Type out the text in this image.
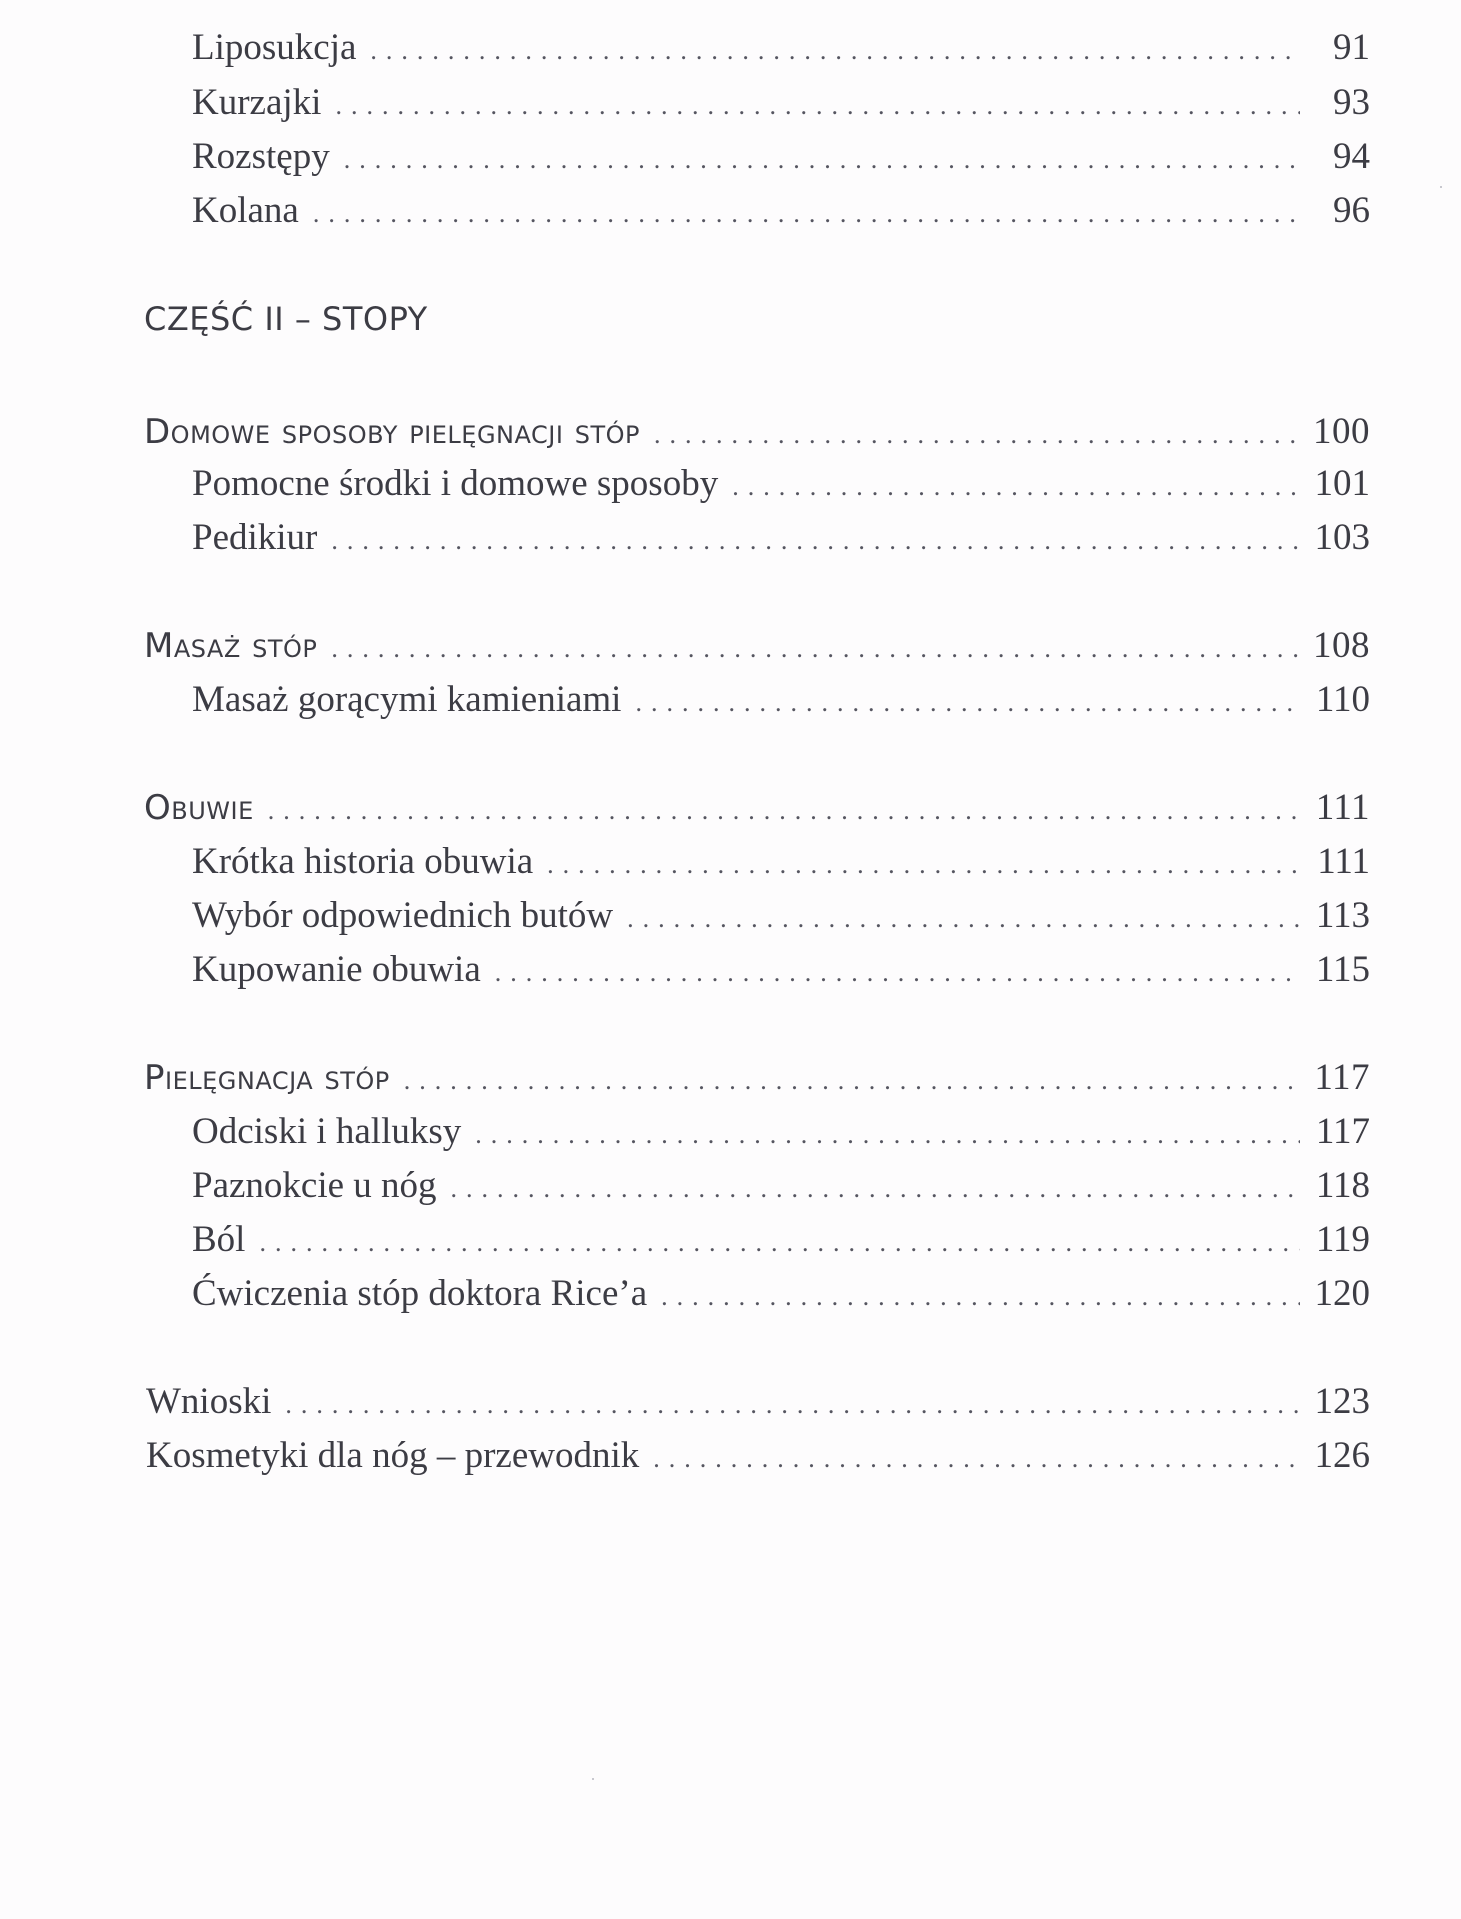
Liposukcja .....	91
Kurzajki .....	93
Rozstępy .....	94
Kolana .....	96
CZĘŚĆ II – STOPY
Domowe sposoby pielęgnacji stóp .....	100
Pomocne środki i domowe sposoby .....	101
Pedikiur .....	103
Masaż stóp .....	108
Masaż gorącymi kamieniami .....	110
Obuwie .....	111
Krótka historia obuwia .....	111
Wybór odpowiednich butów .....	113
Kupowanie obuwia .....	115
Pielęgnacja stóp .....	117
Odciski i halluksy .....	117
Paznokcie u nóg .....	118
Ból .....	119
Ćwiczenia stóp doktora Rice’a .....	120
Wnioski .....	123
Kosmetyki dla nóg – przewodnik .....	126
